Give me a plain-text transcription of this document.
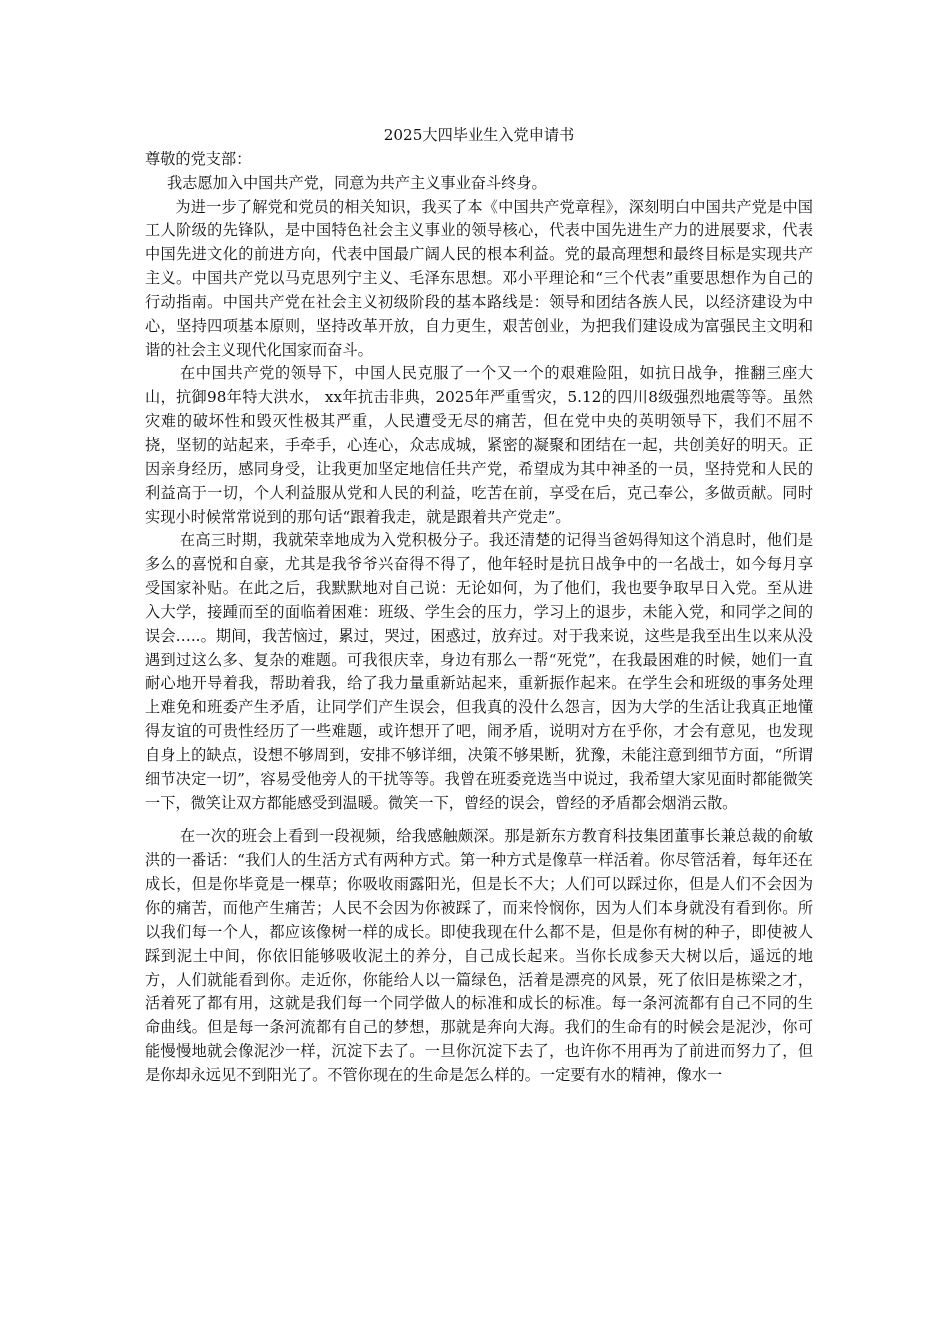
2025大四毕业生入党申请书

尊敬的党支部：

我志愿加入中国共产党，同意为共产主义事业奋斗终身。

为进一步了解党和党员的相关知识，我买了本《中国共产党章程》，深刻明白中国共产党是中国工人阶级的先锋队，是中国特色社会主义事业的领导核心，代表中国先进生产力的进展要求，代表中国先进文化的前进方向，代表中国最广阔人民的根本利益。党的最高理想和最终目标是实现共产主义。中国共产党以马克思列宁主义、毛泽东思想。邓小平理论和“三个代表”重要思想作为自己的行动指南。中国共产党在社会主义初级阶段的基本路线是：领导和团结各族人民，以经济建设为中心，坚持四项基本原则，坚持改革开放，自力更生，艰苦创业，为把我们建设成为富强民主文明和谐的社会主义现代化国家而奋斗。

在中国共产党的领导下，中国人民克服了一个又一个的艰难险阻，如抗日战争，推翻三座大山，抗御98年特大洪水， xx年抗击非典，2025年严重雪灾，5.12的四川8级强烈地震等等。虽然灾难的破坏性和毁灭性极其严重，人民遭受无尽的痛苦，但在党中央的英明领导下，我们不屈不挠，坚韧的站起来，手牵手，心连心，众志成城，紧密的凝聚和团结在一起，共创美好的明天。正因亲身经历，感同身受，让我更加坚定地信任共产党，希望成为其中神圣的一员，坚持党和人民的利益高于一切，个人利益服从党和人民的利益，吃苦在前，享受在后，克己奉公，多做贡献。同时实现小时候常常说到的那句话“跟着我走，就是跟着共产党走”。

在高三时期，我就荣幸地成为入党积极分子。我还清楚的记得当爸妈得知这个消息时，他们是多么的喜悦和自豪，尤其是我爷爷兴奋得不得了，他年轻时是抗日战争中的一名战士，如今每月享受国家补贴。在此之后，我默默地对自己说：无论如何，为了他们，我也要争取早日入党。至从进入大学，接踵而至的面临着困难：班级、学生会的压力，学习上的退步，未能入党，和同学之间的误会…..。期间，我苦恼过，累过，哭过，困惑过，放弃过。对于我来说，这些是我至出生以来从没遇到过这么多、复杂的难题。可我很庆幸，身边有那么一帮“死党”，在我最困难的时候，她们一直耐心地开导着我，帮助着我，给了我力量重新站起来，重新振作起来。在学生会和班级的事务处理上难免和班委产生矛盾，让同学们产生误会，但我真的没什么怨言，因为大学的生活让我真正地懂得友谊的可贵性经历了一些难题，或许想开了吧，闹矛盾，说明对方在乎你，才会有意见，也发现自身上的缺点，设想不够周到，安排不够详细，决策不够果断，犹豫，未能注意到细节方面，“所谓细节决定一切”，容易受他旁人的干扰等等。我曾在班委竞选当中说过，我希望大家见面时都能微笑一下，微笑让双方都能感受到温暖。微笑一下，曾经的误会，曾经的矛盾都会烟消云散。

在一次的班会上看到一段视频，给我感触颇深。那是新东方教育科技集团董事长兼总裁的俞敏洪的一番话：“我们人的生活方式有两种方式。第一种方式是像草一样活着。你尽管活着，每年还在成长，但是你毕竟是一棵草；你吸收雨露阳光，但是长不大；人们可以踩过你，但是人们不会因为你的痛苦，而他产生痛苦；人民不会因为你被踩了，而来怜悯你，因为人们本身就没有看到你。所以我们每一个人，都应该像树一样的成长。即使我现在什么都不是，但是你有树的种子，即使被人踩到泥土中间，你依旧能够吸收泥土的养分，自己成长起来。当你长成参天大树以后，遥远的地方，人们就能看到你。走近你，你能给人以一篇绿色，活着是漂亮的风景，死了依旧是栋梁之才，活着死了都有用，这就是我们每一个同学做人的标准和成长的标准。每一条河流都有自己不同的生命曲线。但是每一条河流都有自己的梦想，那就是奔向大海。我们的生命有的时候会是泥沙，你可能慢慢地就会像泥沙一样，沉淀下去了。一旦你沉淀下去了，也许你不用再为了前进而努力了，但是你却永远见不到阳光了。不管你现在的生命是怎么样的。一定要有水的精神，像水一
